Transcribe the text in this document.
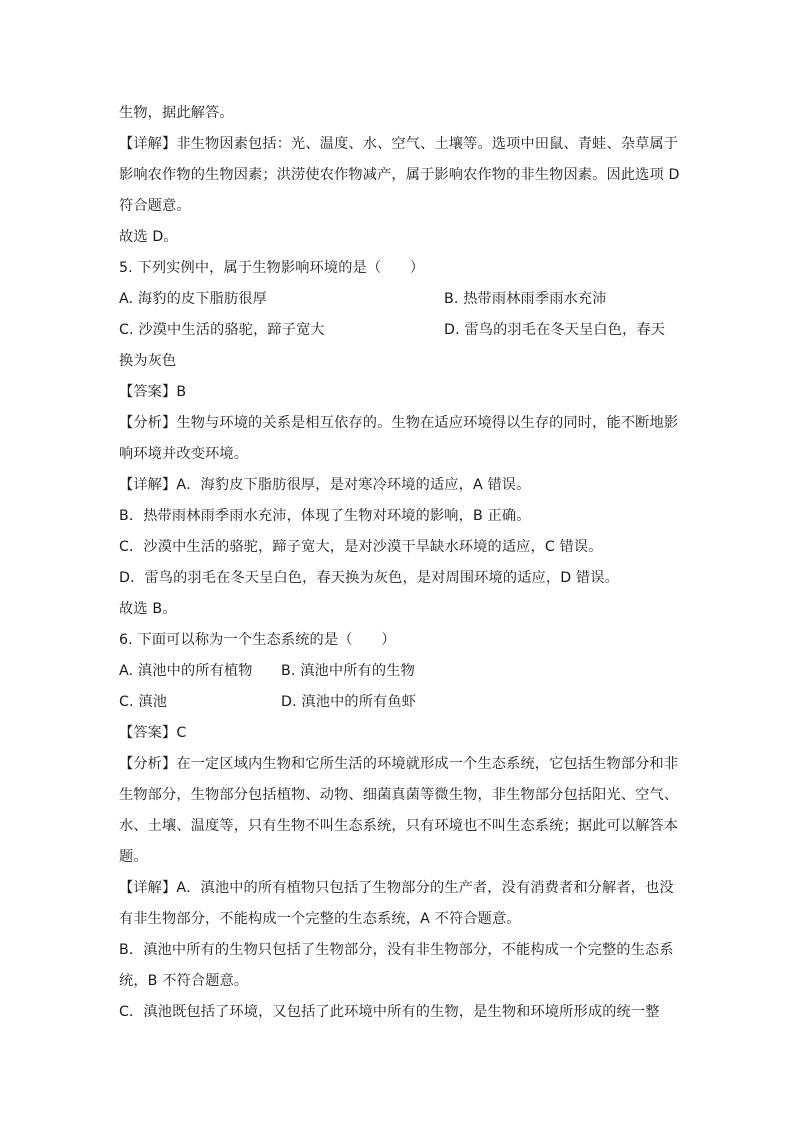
生物，据此解答。
【详解】非生物因素包括：光、温度、水、空气、土壤等。选项中田鼠、青蛙、杂草属于
影响农作物的生物因素；洪涝使农作物减产，属于影响农作物的非生物因素。因此选项 D
符合题意。
故选 D。
5. 下列实例中，属于生物影响环境的是（　　）
A. 海豹的皮下脂肪很厚	B. 热带雨林雨季雨水充沛
C. 沙漠中生活的骆驼，蹄子宽大	D. 雷鸟的羽毛在冬天呈白色，春天
换为灰色
【答案】B
【分析】生物与环境的关系是相互依存的。生物在适应环境得以生存的同时，能不断地影
响环境并改变环境。
【详解】A．海豹皮下脂肪很厚，是对寒冷环境的适应，A 错误。
B．热带雨林雨季雨水充沛，体现了生物对环境的影响，B 正确。
C．沙漠中生活的骆驼，蹄子宽大，是对沙漠干旱缺水环境的适应，C 错误。
D．雷鸟的羽毛在冬天呈白色，春天换为灰色，是对周围环境的适应，D 错误。
故选 B。
6. 下面可以称为一个生态系统的是（　　）
A. 滇池中的所有植物 B. 滇池中所有的生物
C. 滇池	D. 滇池中的所有鱼虾
【答案】C
【分析】在一定区域内生物和它所生活的环境就形成一个生态系统，它包括生物部分和非
生物部分，生物部分包括植物、动物、细菌真菌等微生物，非生物部分包括阳光、空气、
水、土壤、温度等，只有生物不叫生态系统，只有环境也不叫生态系统；据此可以解答本
题。
【详解】A．滇池中的所有植物只包括了生物部分的生产者，没有消费者和分解者，也没
有非生物部分，不能构成一个完整的生态系统，A 不符合题意。
B．滇池中所有的生物只包括了生物部分，没有非生物部分，不能构成一个完整的生态系
统，B 不符合题意。
C．滇池既包括了环境，又包括了此环境中所有的生物，是生物和环境所形成的统一整
